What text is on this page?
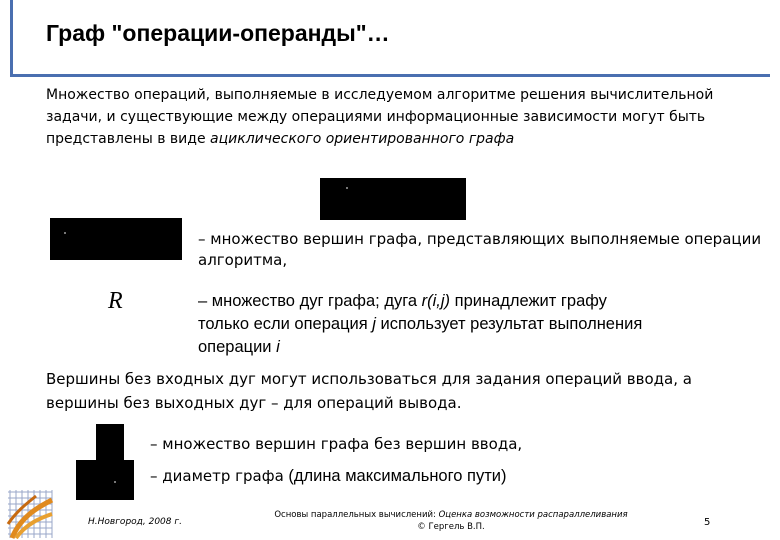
Граф "операции-операнды"…
Множество операций, выполняемые в исследуемом алгоритме решения вычислительной задачи, и существующие между операциями информационные зависимости могут быть представлены в виде ациклического ориентированного графа
– множество вершин графа, представляющих выполняемые операции
алгоритма,
R	– множество дуг графа; дуга r(i,j) принадлежит графу
только если операция j использует результат выполнения
операции i
Вершины без входных дуг могут использоваться для задания операций ввода, а
вершины без выходных дуг – для операций вывода.
– множество вершин графа без вершин ввода,
– диаметр графа (длина максимального пути)
Н.Новгород, 2008 г.
Основы параллельных вычислений: Оценка возможности распараллеливания
© Гергель В.П.	5
